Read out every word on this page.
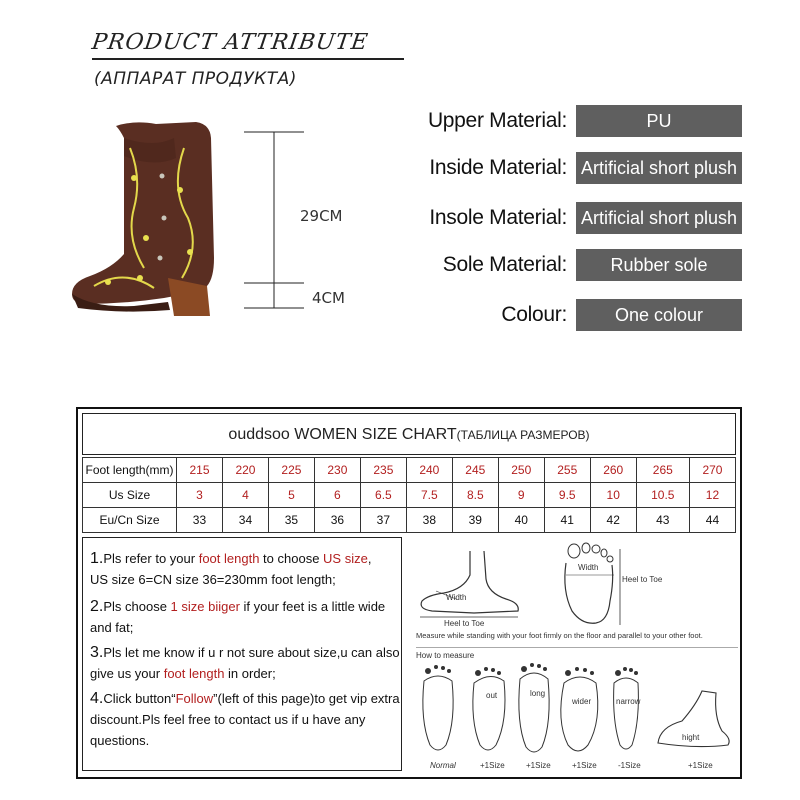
PRODUCT ATTRIBUTE
(АППАРАТ ПРОДУКТА)
29CM
4CM
Upper Material:	PU
Inside Material: Artificial short plush
Insole Material: Artificial short plush
Sole Material:	Rubber sole
Colour:	One colour
ouddsoo WOMEN SIZE CHART(ТАБЛИЦА РАЗМЕРОВ)
Foot length(mm)	215	220	225	230	235	240	245	250	255	260	265	270
Us Size	3	4	5	6	6.5	7.5	8.5	9	9.5	10	10.5	12
Eu/Cn Size	33	34	35	36	37	38	39	40	41	42	43	44
1.Pls refer to your foot length to choose US size,
US size 6=CN size 36=230mm foot length;
2.Pls choose 1 size biiger if your feet is a little wide and fat;
3.Pls let me know if u r not sure about size,u can also give us your foot length in order;
4.Click button“Follow”(left of this page)to get vip extra discount.Pls feel free to contact us if u have any questions.
Width
Heel to Toe
Width
Heel to Toe
Measure while standing with your foot firmly on the floor and parallel to your other foot.
How to measure
out	long
wider	narrow
hight
Normal	+1Size	+1Size	+1Size	-1Size	+1Size
